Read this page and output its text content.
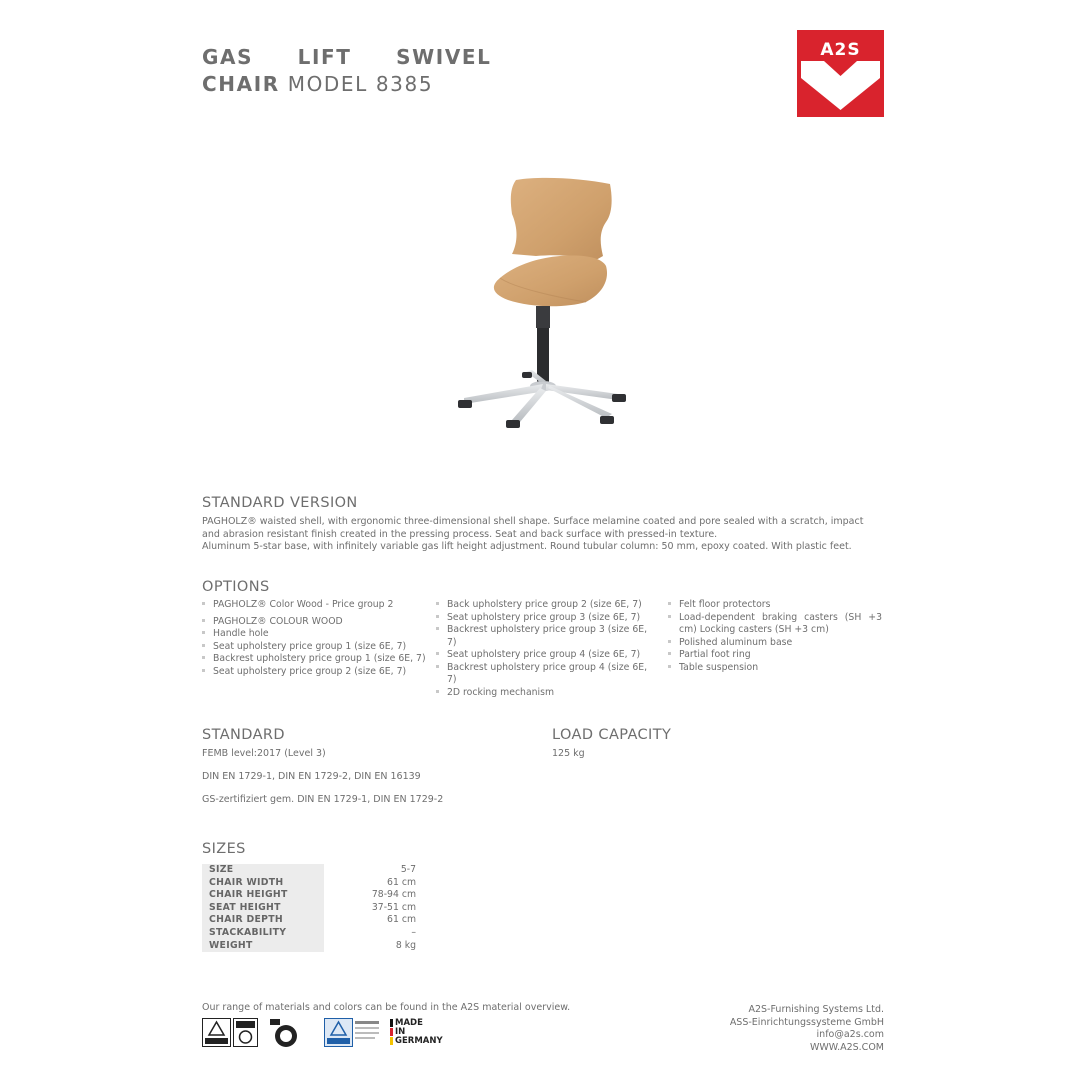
GAS LIFT SWIVEL
CHAIR MODEL 8385
A2S
STANDARD VERSION
PAGHOLZ® waisted shell, with ergonomic three-dimensional shell shape. Surface melamine coated and pore sealed with a scratch, impact
and abrasion resistant finish created in the pressing process. Seat and back surface with pressed-in texture.
Aluminum 5-star base, with infinitely variable gas lift height adjustment. Round tubular column: 50 mm, epoxy coated. With plastic feet.
OPTIONS
PAGHOLZ® Color Wood - Price group 2
PAGHOLZ® COLOUR WOOD
Handle hole
Seat upholstery price group 1 (size 6E, 7)
Backrest upholstery price group 1 (size 6E, 7)
Seat upholstery price group 2 (size 6E, 7)
Back upholstery price group 2 (size 6E, 7)
Seat upholstery price group 3 (size 6E, 7)
Backrest upholstery price group 3 (size 6E, 7)
Seat upholstery price group 4 (size 6E, 7)
Backrest upholstery price group 4 (size 6E, 7)
2D rocking mechanism
Felt floor protectors
Load-dependent braking casters (SH +3 cm) Locking casters (SH +3 cm)
Polished aluminum base
Partial foot ring
Table suspension
STANDARD
FEMB level:2017 (Level 3)
DIN EN 1729-1, DIN EN 1729-2, DIN EN 16139
GS-zertifiziert gem. DIN EN 1729-1, DIN EN 1729-2
LOAD CAPACITY
125 kg
SIZES
SIZE	5-7
CHAIR WIDTH	61 cm
CHAIR HEIGHT	78-94 cm
SEAT HEIGHT	37-51 cm
CHAIR DEPTH	61 cm
STACKABILITY	–
WEIGHT	8 kg
Our range of materials and colors can be found in the A2S material overview.
MADE
IN
GERMANY
A2S-Furnishing Systems Ltd.
ASS-Einrichtungssysteme GmbH
info@a2s.com
WWW.A2S.COM
